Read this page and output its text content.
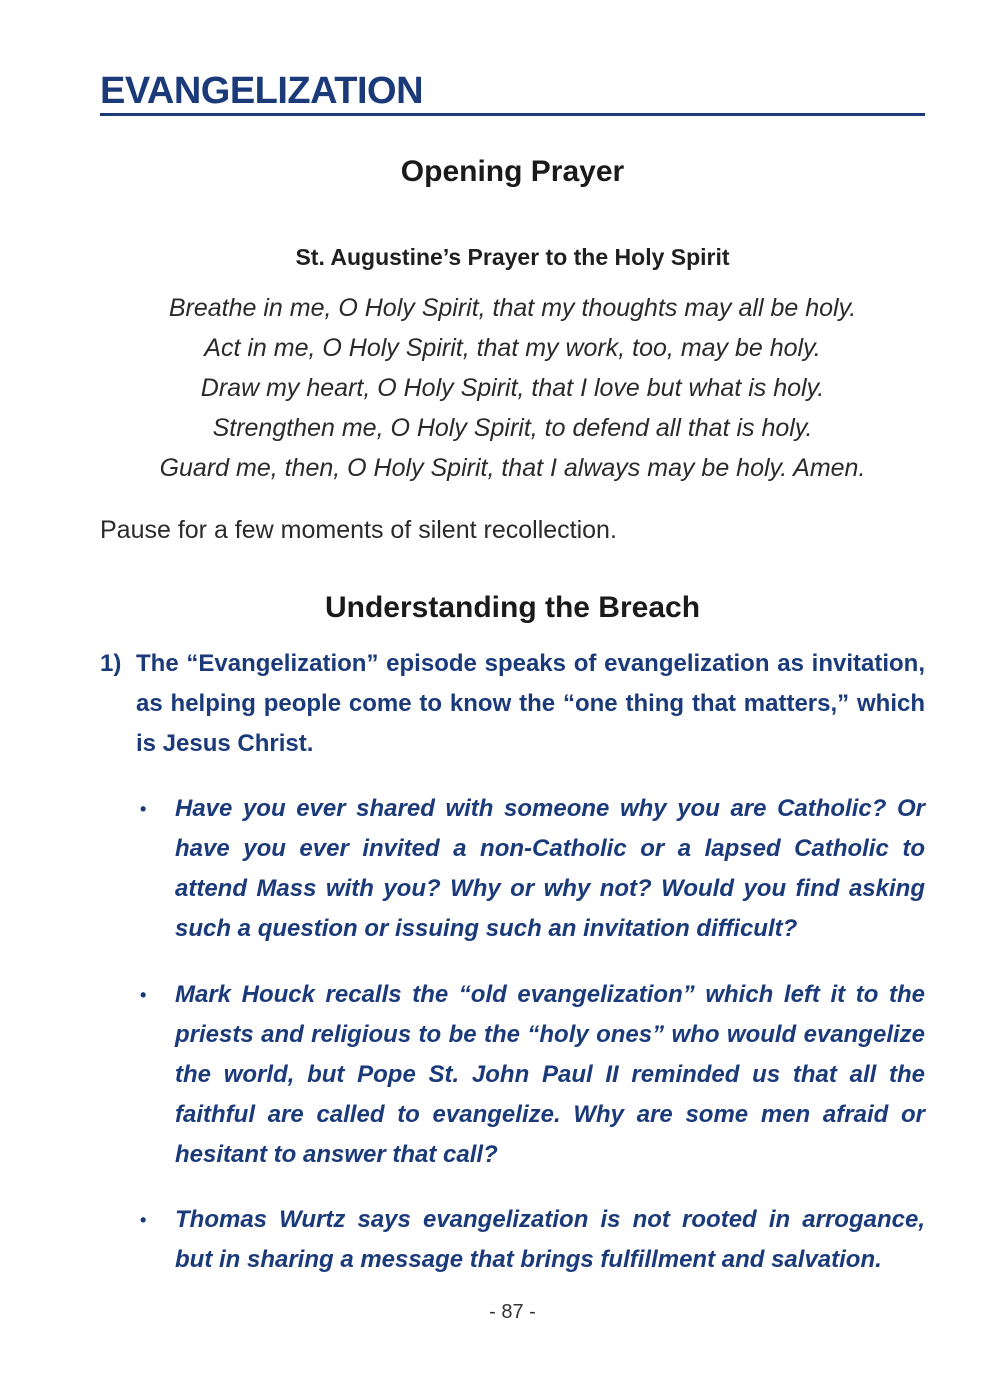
EVANGELIZATION
Opening Prayer
St. Augustine’s Prayer to the Holy Spirit
Breathe in me, O Holy Spirit, that my thoughts may all be holy.
Act in me, O Holy Spirit, that my work, too, may be holy.
Draw my heart, O Holy Spirit, that I love but what is holy.
Strengthen me, O Holy Spirit, to defend all that is holy.
Guard me, then, O Holy Spirit, that I always may be holy. Amen.

Pause for a few moments of silent recollection.

Understanding the Breach
1) The “Evangelization” episode speaks of evangelization as invitation, as helping people come to know the “one thing that matters,” which is Jesus Christ.
• Have you ever shared with someone why you are Catholic? Or have you ever invited a non-Catholic or a lapsed Catholic to attend Mass with you? Why or why not? Would you find asking such a question or issuing such an invitation difficult?
• Mark Houck recalls the “old evangelization” which left it to the priests and religious to be the “holy ones” who would evangelize the world, but Pope St. John Paul II reminded us that all the faithful are called to evangelize. Why are some men afraid or hesitant to answer that call?
• Thomas Wurtz says evangelization is not rooted in arrogance, but in sharing a message that brings fulfillment and salvation.
- 87 -
